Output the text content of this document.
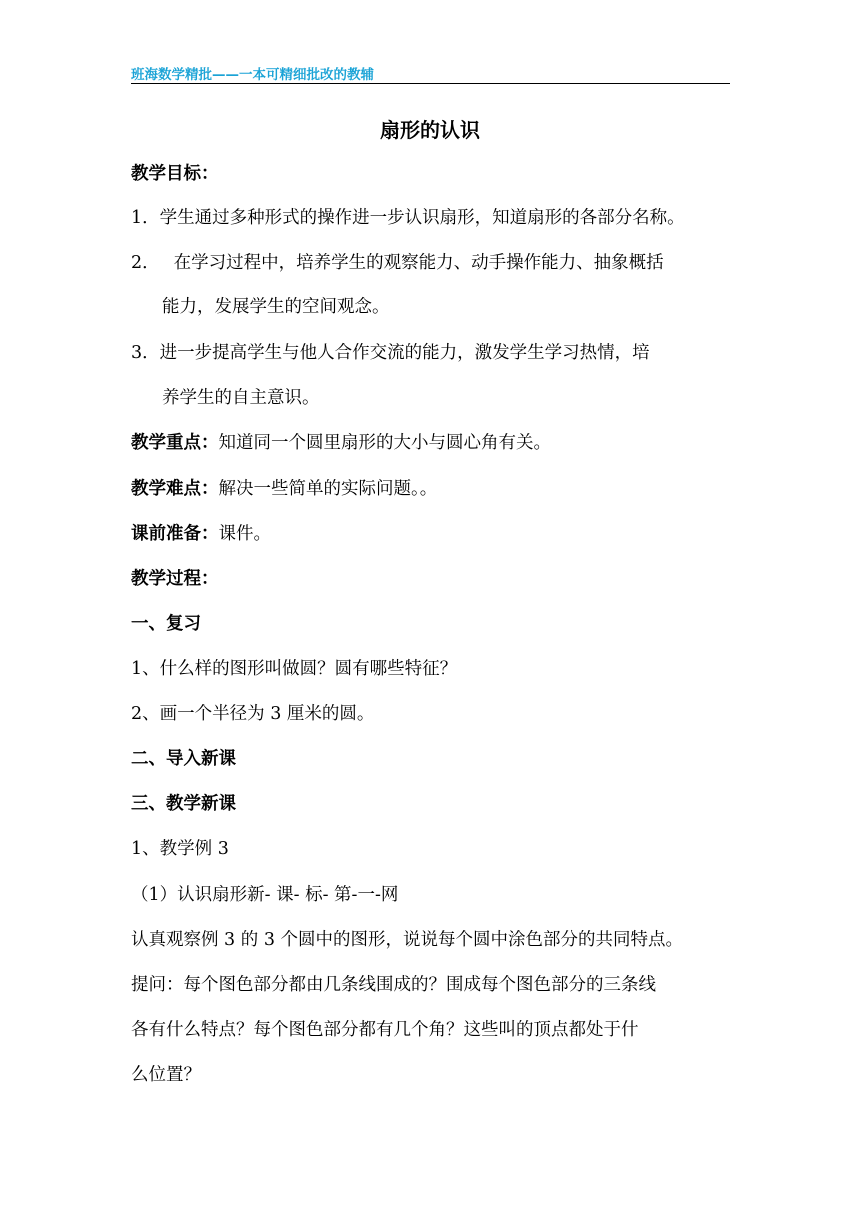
班海数学精批——一本可精细批改的教辅
扇形的认识
教学目标：
1．学生通过多种形式的操作进一步认识扇形，知道扇形的各部分名称。
2． 在学习过程中，培养学生的观察能力、动手操作能力、抽象概括
能力，发展学生的空间观念。
3．进一步提高学生与他人合作交流的能力，激发学生学习热情，培
养学生的自主意识。
教学重点：知道同一个圆里扇形的大小与圆心角有关。
教学难点：解决一些简单的实际问题。。
课前准备：课件。
教学过程：
一、复习
1、什么样的图形叫做圆？圆有哪些特征？
2、画一个半径为 3 厘米的圆。
二、导入新课
三、教学新课
1、教学例 3
（1）认识扇形新- 课- 标- 第-一-网
认真观察例 3 的 3 个圆中的图形，说说每个圆中涂色部分的共同特点。
提问：每个图色部分都由几条线围成的？围成每个图色部分的三条线
各有什么特点？每个图色部分都有几个角？这些叫的顶点都处于什
么位置？
